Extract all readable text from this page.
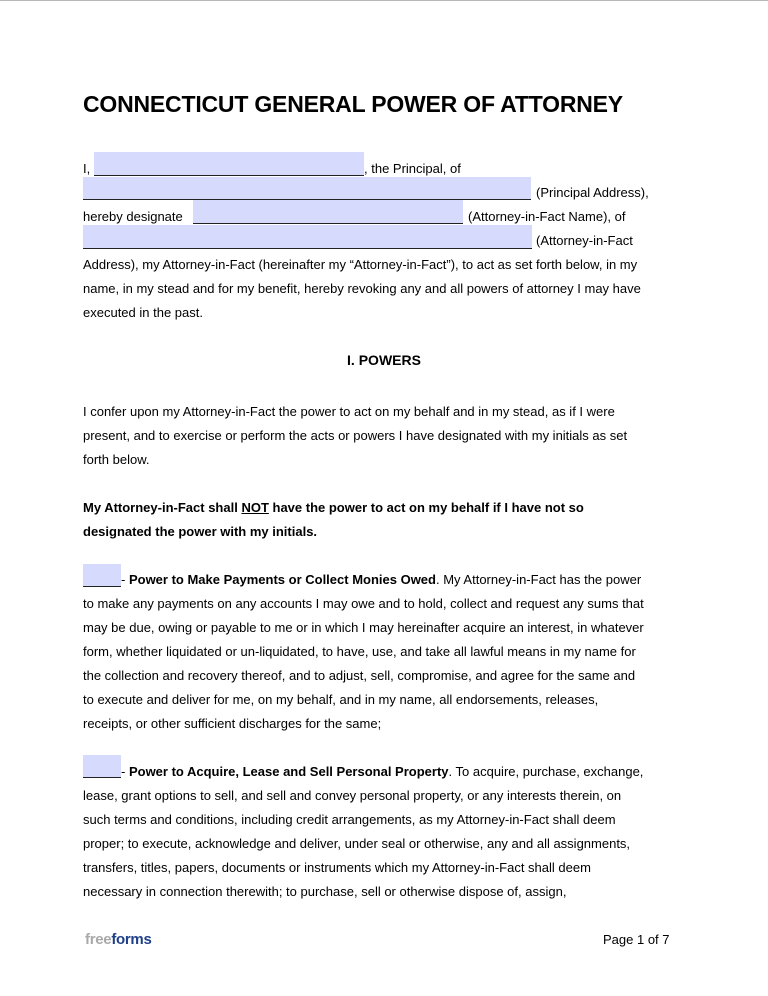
CONNECTICUT GENERAL POWER OF ATTORNEY
I,	, the Principal, of
(Principal Address),
hereby designate	(Attorney-in-Fact Name), of
(Attorney-in-Fact
Address), my Attorney-in-Fact (hereinafter my “Attorney-in-Fact”), to act as set forth below, in my
name, in my stead and for my benefit, hereby revoking any and all powers of attorney I may have
executed in the past.
I. POWERS
I confer upon my Attorney-in-Fact the power to act on my behalf and in my stead, as if I were
present, and to exercise or perform the acts or powers I have designated with my initials as set
forth below.
My Attorney-in-Fact shall NOT have the power to act on my behalf if I have not so
designated the power with my initials.
- Power to Make Payments or Collect Monies Owed. My Attorney-in-Fact has the power
to make any payments on any accounts I may owe and to hold, collect and request any sums that
may be due, owing or payable to me or in which I may hereinafter acquire an interest, in whatever
form, whether liquidated or un-liquidated, to have, use, and take all lawful means in my name for
the collection and recovery thereof, and to adjust, sell, compromise, and agree for the same and
to execute and deliver for me, on my behalf, and in my name, all endorsements, releases,
receipts, or other sufficient discharges for the same;
- Power to Acquire, Lease and Sell Personal Property. To acquire, purchase, exchange,
lease, grant options to sell, and sell and convey personal property, or any interests therein, on
such terms and conditions, including credit arrangements, as my Attorney-in-Fact shall deem
proper; to execute, acknowledge and deliver, under seal or otherwise, any and all assignments,
transfers, titles, papers, documents or instruments which my Attorney-in-Fact shall deem
necessary in connection therewith; to purchase, sell or otherwise dispose of, assign,
freeforms	Page 1 of 7
